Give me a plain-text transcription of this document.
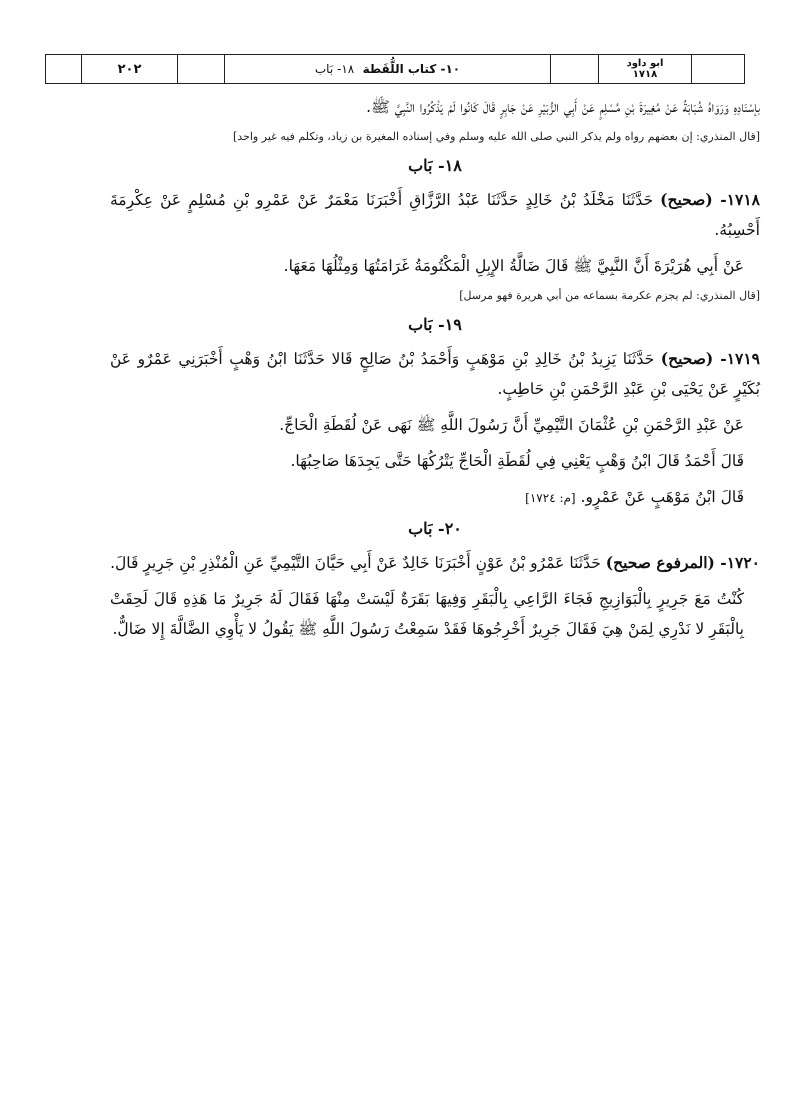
٢٠٢	١٠- كتاب اللُّقَطة

١٨- بَاب	ابو داود
١٧١٨

بإسْنَادِهِ وَرَوَاهُ شُبَابَةُ عَنْ مُغِيرَةَ بْنِ مُسْلِمٍ عَنْ أَبِي الزُّبَيْرِ عَنْ جَابِرٍ قَالَ كَانُوا لَمْ يَذْكُرُوا النَّبِيَّ ﷺ.

[قال المنذري: إن بعضهم رواه ولم يذكر النبي صلى الله عليه وسلم وفي إسناده المغيرة بن زياد، وتكلم فيه غير واحد]

١٨- بَاب

١٧١٨- (صحيح) حَدَّثَنَا مَخْلَدُ بْنُ خَالِدٍ حَدَّثَنَا عَبْدُ الرَّزَّاقِ أَخْبَرَنَا مَعْمَرٌ عَنْ عَمْرِو بْنِ مُسْلِمٍ عَنْ عِكْرِمَةَ أَحْسِبُهُ.

عَنْ أَبِي هُرَيْرَةَ أَنَّ النَّبِيَّ ﷺ قَالَ ضَالَّةُ الإِبِلِ الْمَكْتُومَةُ غَرَامَتُهَا وَمِثْلُهَا مَعَهَا.

[قال المنذري: لم يجزم عكرمة بسماعه من أبي هريرة فهو مرسل]

١٩- بَاب

١٧١٩- (صحيح) حَدَّثَنَا يَزِيدُ بْنُ خَالِدِ بْنِ مَوْهَبٍ وَأَحْمَدُ بْنُ صَالِحٍ قَالا حَدَّثَنَا ابْنُ وَهْبٍ أَخْبَرَنِي عَمْرٌو عَنْ بُكَيْرٍ عَنْ يَحْيَى بْنِ عَبْدِ الرَّحْمَنِ بْنِ حَاطِبٍ.

عَنْ عَبْدِ الرَّحْمَنِ بْنِ عُثْمَانَ التَّيْمِيِّ أَنَّ رَسُولَ اللَّهِ ﷺ نَهَى عَنْ لُقَطَةِ الْحَاجِّ.

قَالَ أَحْمَدُ قَالَ ابْنُ وَهْبٍ يَعْنِي فِي لُقَطَةِ الْحَاجِّ يَتْرُكُهَا حَتَّى يَجِدَهَا صَاحِبُهَا.

قَالَ ابْنُ مَوْهَبٍ عَنْ عَمْرٍو. [م: ١٧٢٤]

٢٠- بَاب

١٧٢٠- (المرفوع صحيح) حَدَّثَنَا عَمْرُو بْنُ عَوْنٍ أَخْبَرَنَا خَالِدٌ عَنْ أَبِي حَيَّانَ التَّيْمِيِّ عَنِ الْمُنْذِرِ بْنِ جَرِيرٍ قَالَ.

كُنْتُ مَعَ جَرِيرٍ بِالْبَوَازِيجِ فَجَاءَ الرَّاعِي بِالْبَقَرِ وَفِيهَا بَقَرَةٌ لَيْسَتْ مِنْهَا فَقَالَ لَهُ جَرِيرٌ مَا هَذِهِ قَالَ لَحِقَتْ بِالْبَقَرِ لا نَدْرِي لِمَنْ هِيَ فَقَالَ جَرِيرٌ أَخْرِجُوهَا فَقَدْ سَمِعْتُ رَسُولَ اللَّهِ ﷺ يَقُولُ لا يَأْوِي الضَّالَّةَ إِلا ضَالٌّ.
